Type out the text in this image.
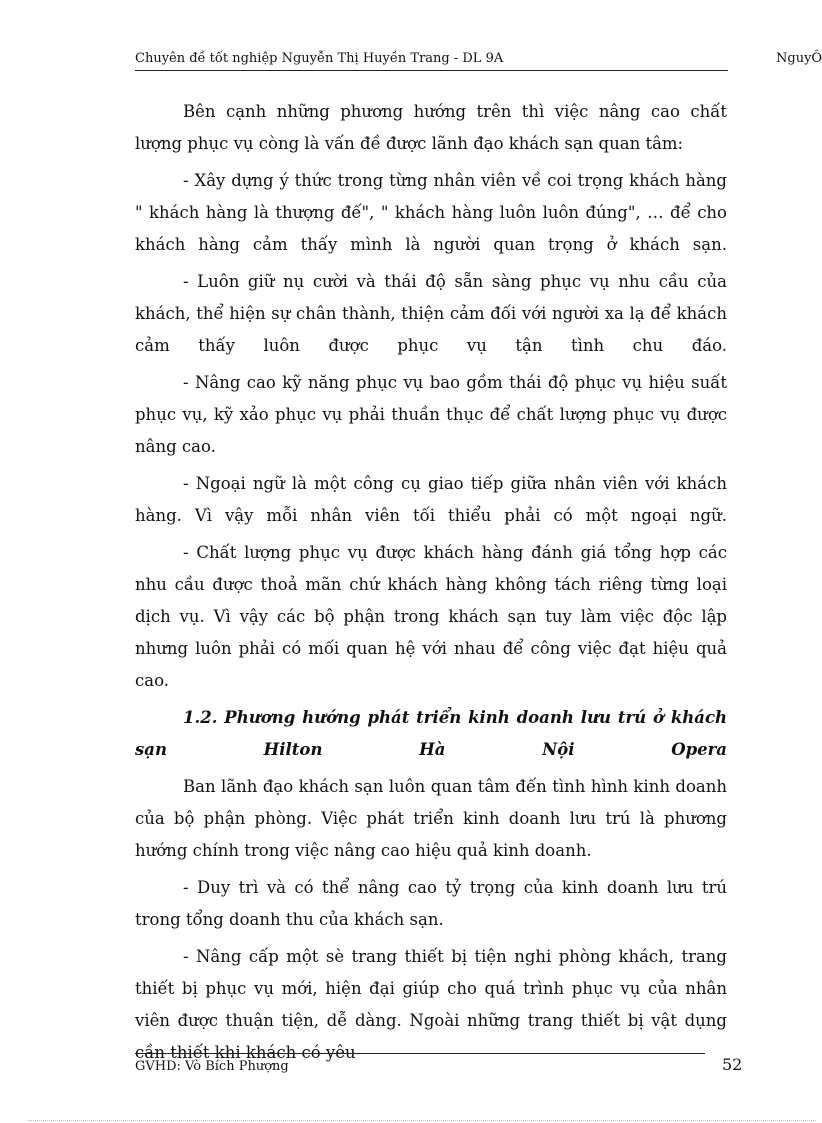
Chuyên đề tốt nghiệp Nguyễn Thị Huyền Trang - DL 9A	NguyÔ

Bên cạnh những phương hướng trên thì việc nâng cao chất lượng phục vụ còng là vấn đề được lãnh đạo khách sạn quan tâm:

- Xây dựng ý thức trong từng nhân viên về coi trọng khách hàng " khách hàng là thượng đế", " khách hàng luôn luôn đúng", … để cho khách hàng cảm thấy mình là người quan trọng ở khách sạn.

- Luôn giữ nụ cười và thái độ sẵn sàng phục vụ nhu cầu của khách, thể hiện sự chân thành, thiện cảm đối với người xa lạ để khách cảm thấy luôn được phục vụ tận tình chu đáo.

- Nâng cao kỹ năng phục vụ bao gồm thái độ phục vụ hiệu suất phục vụ, kỹ xảo phục vụ phải thuần thục để chất lượng phục vụ được nâng cao.

- Ngoại ngữ là một công cụ giao tiếp giữa nhân viên với khách hàng. Vì vậy mỗi nhân viên tối thiểu phải có một ngoại ngữ.

- Chất lượng phục vụ được khách hàng đánh giá tổng hợp các nhu cầu được thoả mãn chứ khách hàng không tách riêng từng loại dịch vụ. Vì vậy các bộ phận trong khách sạn tuy làm việc độc lập nhưng luôn phải có mối quan hệ với nhau để công việc đạt hiệu quả cao.

1.2. Phương hướng phát triển kinh doanh lưu trú ở khách sạn Hilton Hà Nội Opera

Ban lãnh đạo khách sạn luôn quan tâm đến tình hình kinh doanh của bộ phận phòng. Việc phát triển kinh doanh lưu trú là phương hướng chính trong việc nâng cao hiệu quả kinh doanh.

- Duy trì và có thể nâng cao tỷ trọng của kinh doanh lưu trú trong tổng doanh thu của khách sạn.

- Nâng cấp một sè trang thiết bị tiện nghi phòng khách, trang thiết bị phục vụ mới, hiện đại giúp cho quá trình phục vụ của nhân viên được thuận tiện, dễ dàng. Ngoài những trang thiết bị vật dụng cần thiết khi khách có yêu

GVHD: Vò Bích Phượng	52
